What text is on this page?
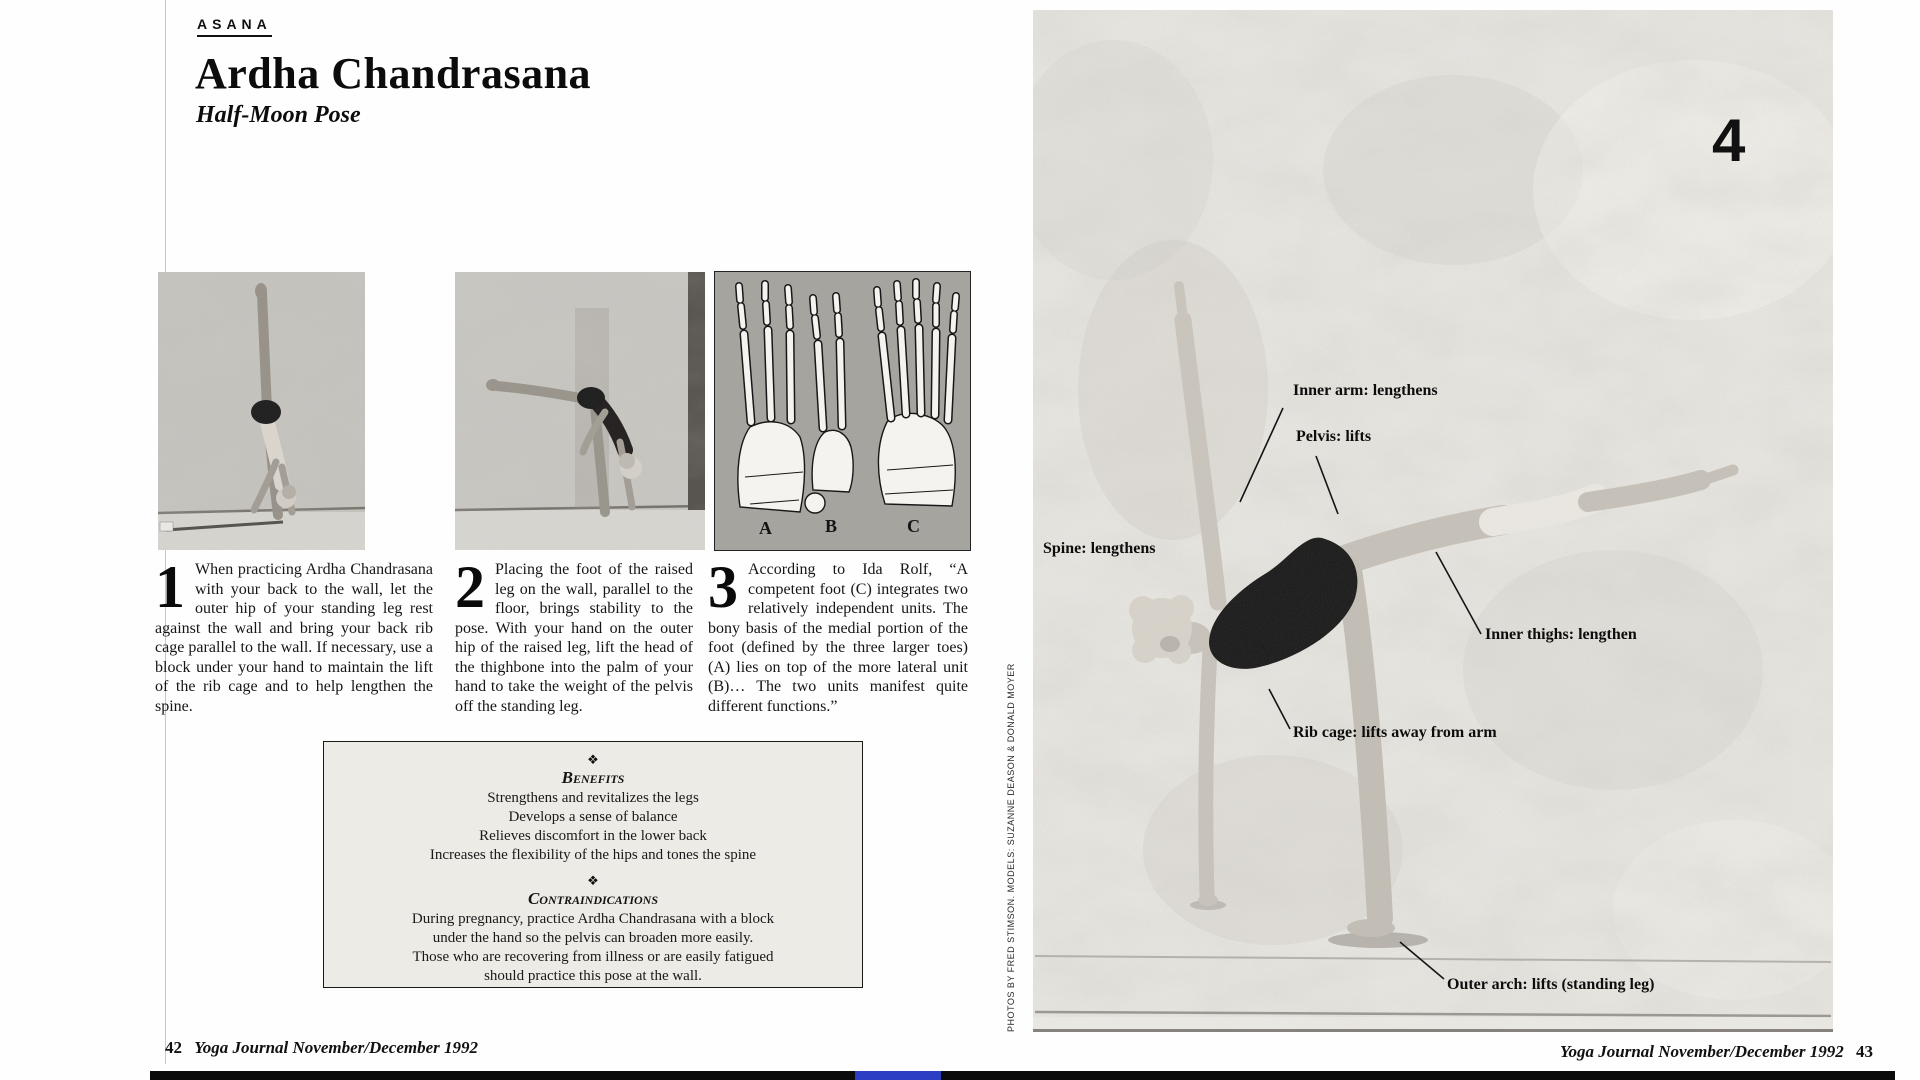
ASANA
Ardha Chandrasana
Half-Moon Pose
A	B	C
1 When practicing Ardha Chandrasana with your back to the wall, let the outer hip of your standing leg rest against the wall and bring your back rib cage parallel to the wall. If necessary, use a block under your hand to maintain the lift of the rib cage and to help lengthen the spine.
2 Placing the foot of the raised leg on the wall, parallel to the floor, brings stability to the pose. With your hand on the outer hip of the raised leg, lift the head of the thighbone into the palm of your hand to take the weight of the pelvis off the standing leg.
3 According to Ida Rolf, “A competent foot (C) integrates two relatively independent units. The bony basis of the medial portion of the foot (defined by the three larger toes) (A) lies on top of the more lateral unit (B)… The two units manifest quite different functions.”
❖
Benefits
Strengthens and revitalizes the legs
Develops a sense of balance
Relieves discomfort in the lower back
Increases the flexibility of the hips and tones the spine
❖
Contraindications
During pregnancy, practice Ardha Chandrasana with a block
under the hand so the pelvis can broaden more easily.
Those who are recovering from illness or are easily fatigued
should practice this pose at the wall.
42 Yoga Journal November/December 1992
4
Inner arm: lengthens
Pelvis: lifts
Spine: lengthens
Inner thighs: lengthen
Rib cage: lifts away from arm
Outer arch: lifts (standing leg)
PHOTOS BY FRED STIMSON. MODELS: SUZANNE DEASON & DONALD MOYER
Yoga Journal November/December 1992 43
